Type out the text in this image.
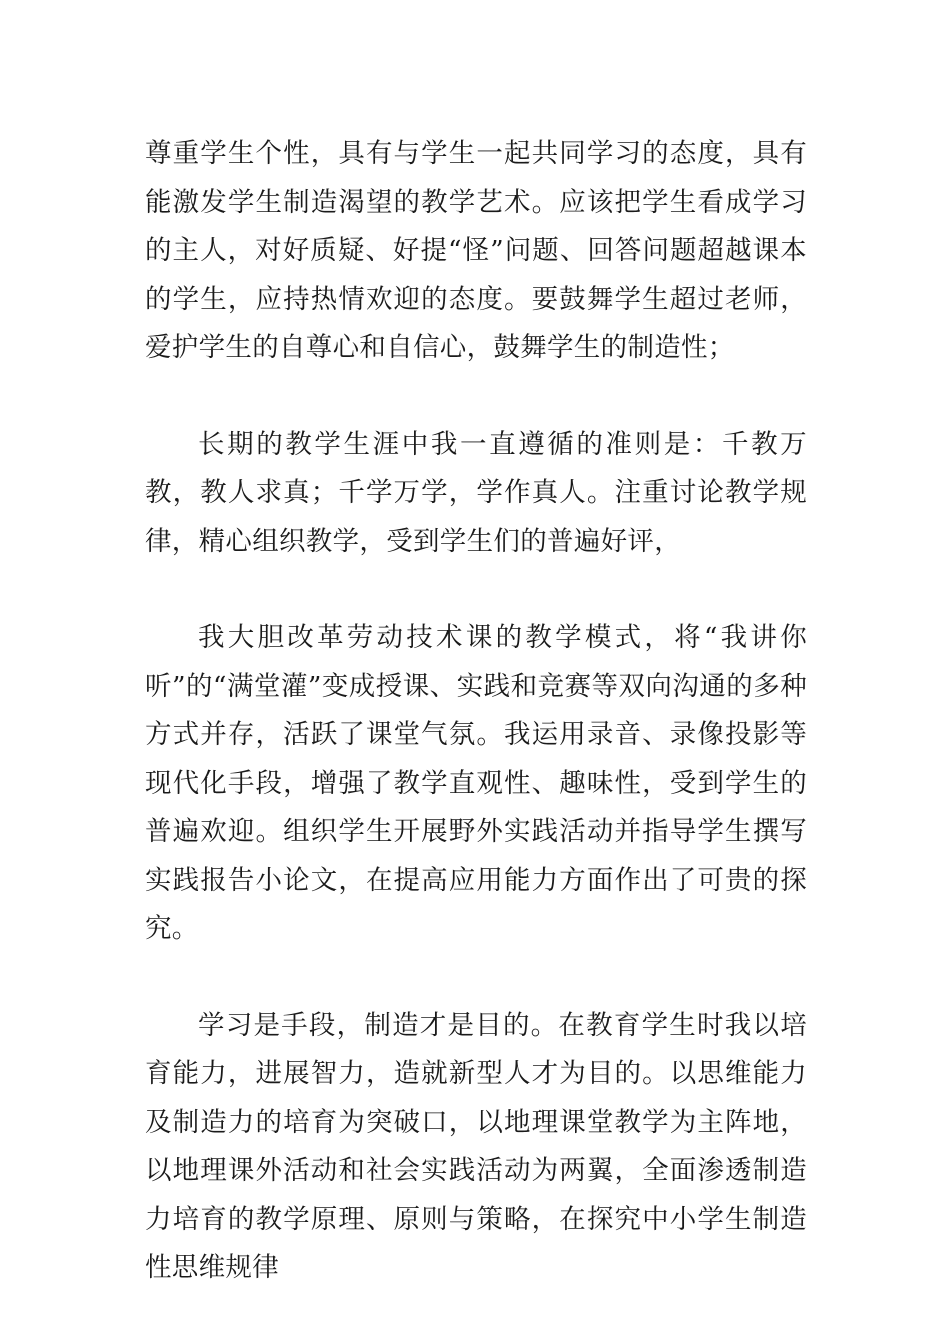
尊重学生个性，具有与学生一起共同学习的态度，具有能激发学生制造渴望的教学艺术。应该把学生看成学习的主人，对好质疑、好提“怪”问题、回答问题超越课本的学生，应持热情欢迎的态度。要鼓舞学生超过老师，爱护学生的自尊心和自信心，鼓舞学生的制造性；

长期的教学生涯中我一直遵循的准则是：千教万教，教人求真；千学万学，学作真人。注重讨论教学规律，精心组织教学，受到学生们的普遍好评，

我大胆改革劳动技术课的教学模式，将“我讲你听”的“满堂灌”变成授课、实践和竞赛等双向沟通的多种方式并存，活跃了课堂气氛。我运用录音、录像投影等现代化手段，增强了教学直观性、趣味性，受到学生的普遍欢迎。组织学生开展野外实践活动并指导学生撰写实践报告小论文，在提高应用能力方面作出了可贵的探究。

学习是手段，制造才是目的。在教育学生时我以培育能力，进展智力，造就新型人才为目的。以思维能力及制造力的培育为突破口，以地理课堂教学为主阵地，以地理课外活动和社会实践活动为两翼，全面渗透制造力培育的教学原理、原则与策略，在探究中小学生制造性思维规律
